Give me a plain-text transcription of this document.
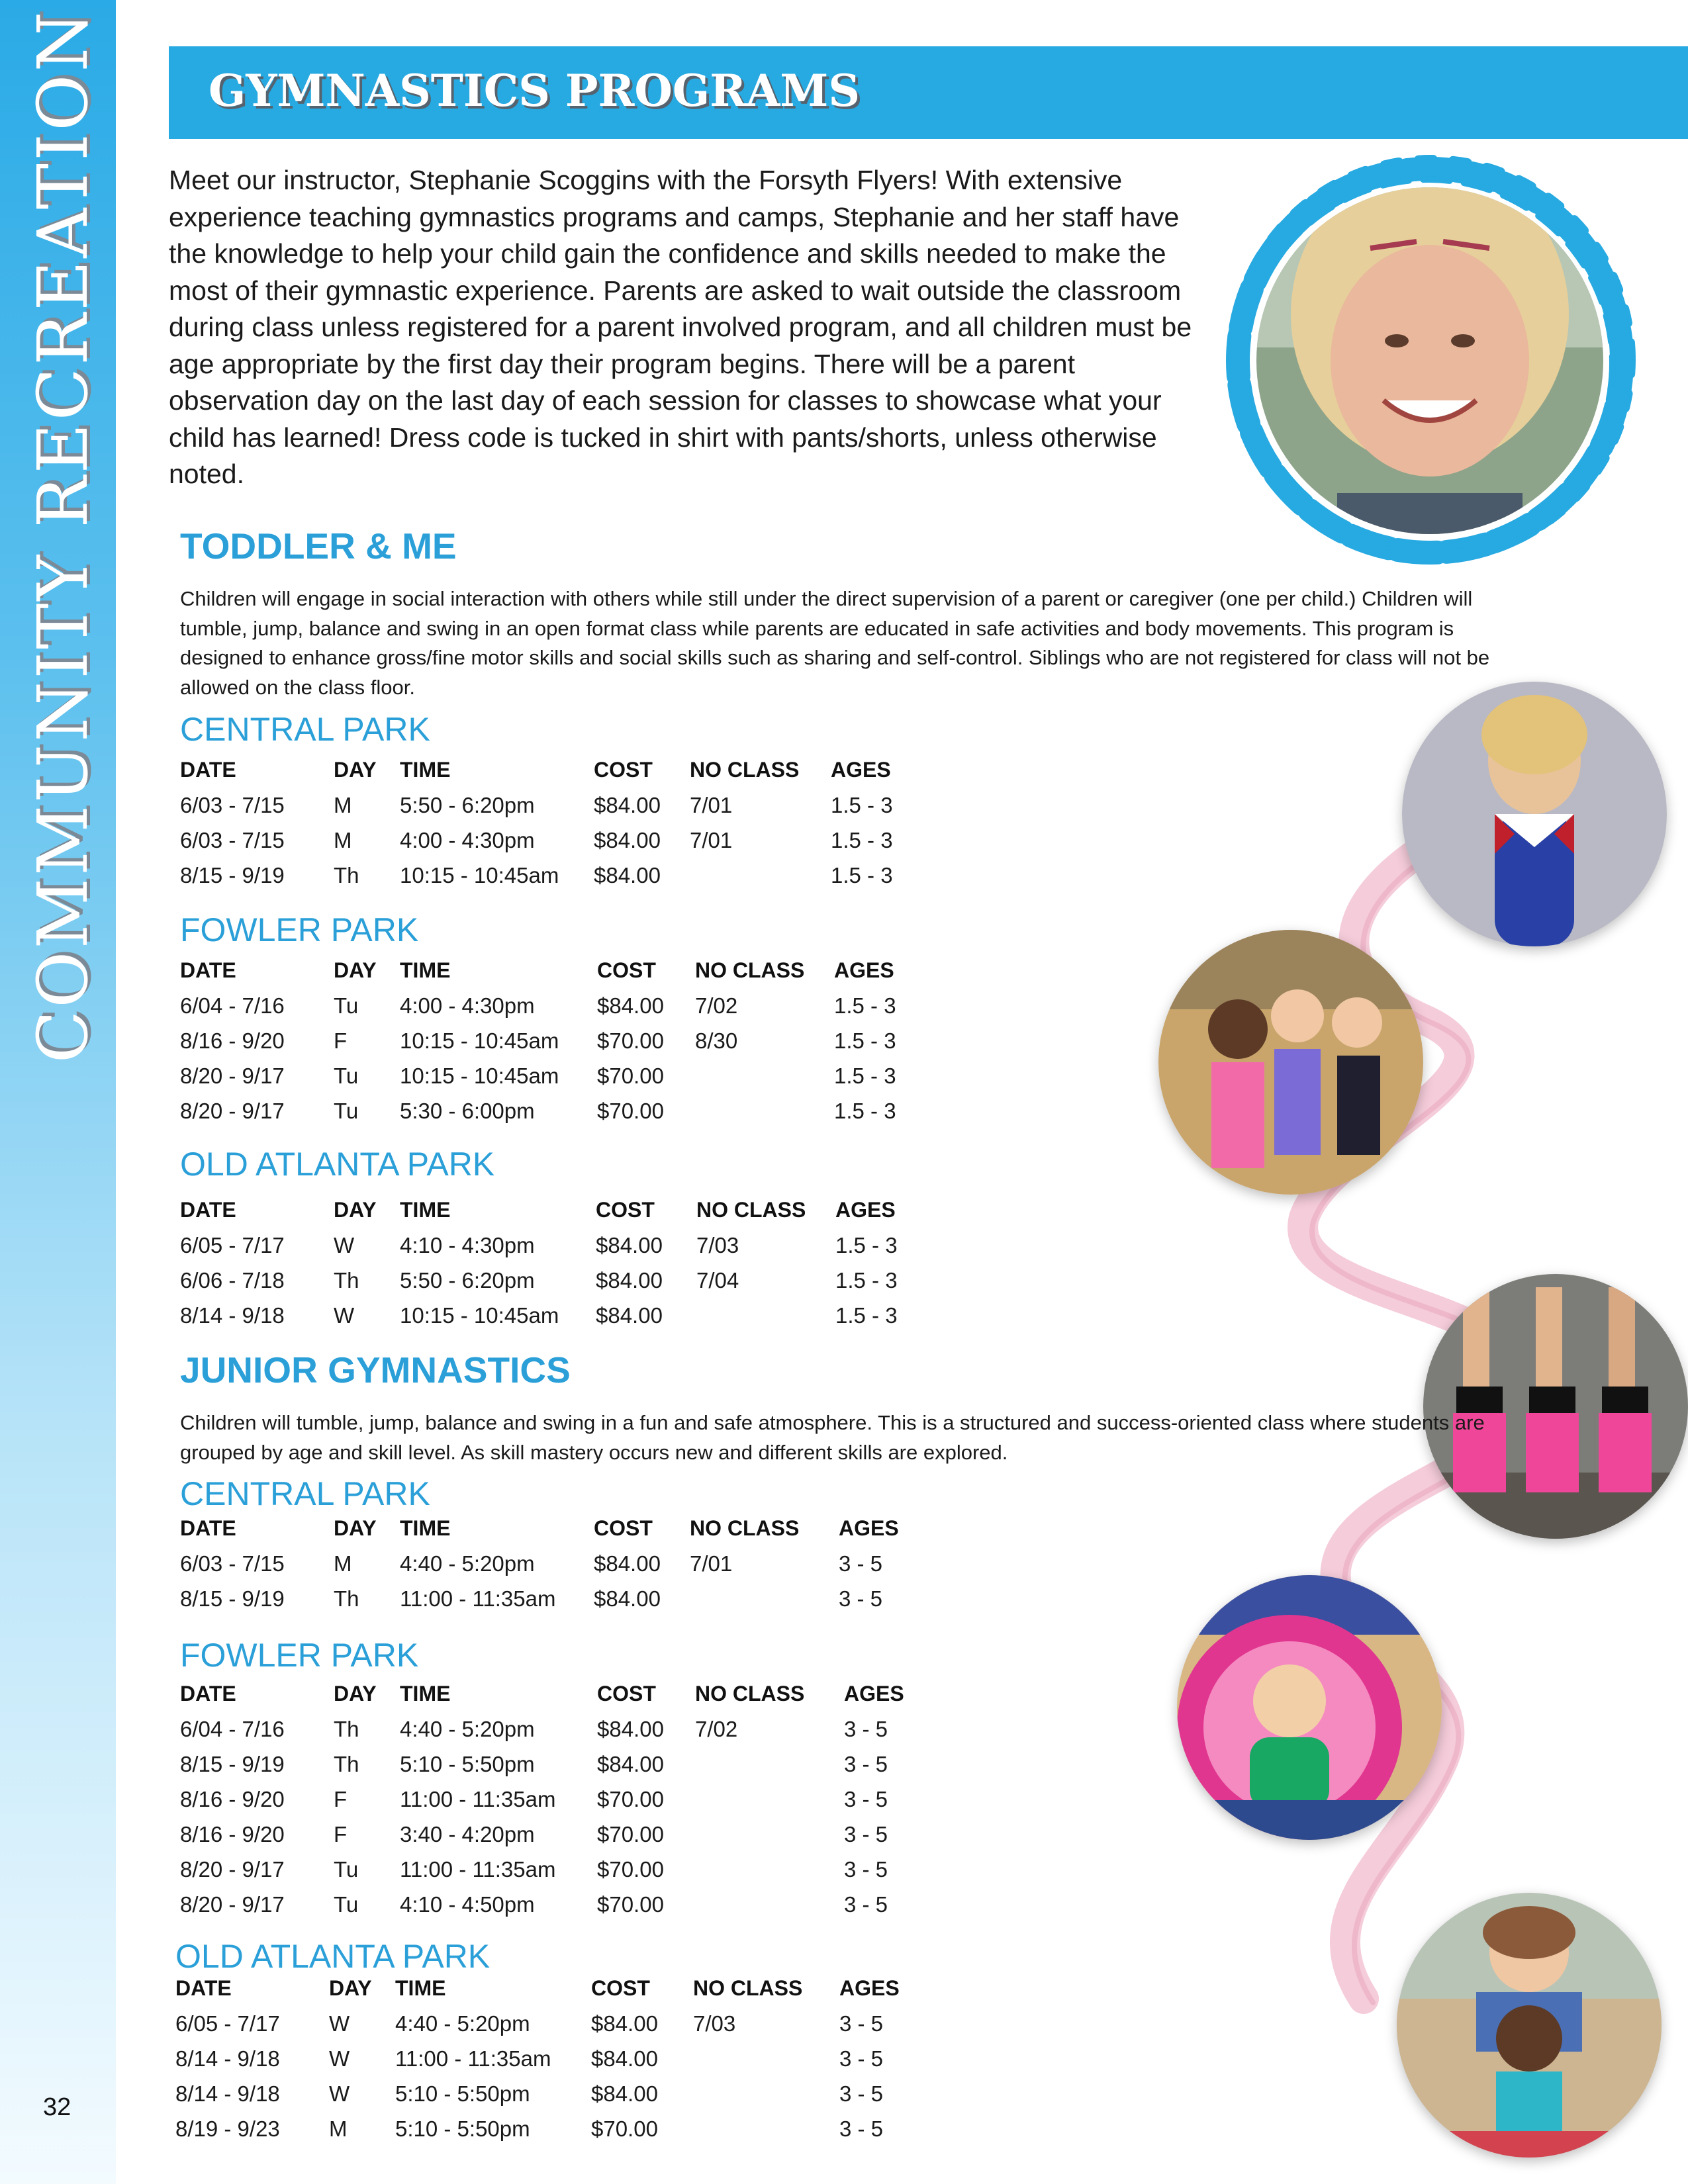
COMMUNITY RECREATION
32
GYMNASTICS PROGRAMS
Meet our instructor, Stephanie Scoggins with the Forsyth Flyers! With extensive experience teaching gymnastics programs and camps, Stephanie and her staff have the knowledge to help your child gain the confidence and skills needed to make the most of their gymnastic experience. Parents are asked to wait outside the classroom during class unless registered for a parent involved program, and all children must be age appropriate by the first day their program begins. There will be a parent observation day on the last day of each session for classes to showcase what your child has learned! Dress code is tucked in shirt with pants/shorts, unless otherwise noted.
TODDLER & ME
Children will engage in social interaction with others while still under the direct supervision of a parent or caregiver (one per child.) Children will tumble, jump, balance and swing in an open format class while parents are educated in safe activities and body movements. This program is designed to enhance gross/fine motor skills and social skills such as sharing and self-control. Siblings who are not registered for class will not be allowed on the class floor.
CENTRAL PARK
DATE	DAY TIME	COST NO CLASS AGES
6/03 - 7/15 M 5:50 - 6:20pm	$84.00 7/01	1.5 - 3
6/03 - 7/15 M 4:00 - 4:30pm	$84.00 7/01	1.5 - 3
8/15 - 9/19 Th 10:15 - 10:45am $84.00	1.5 - 3
FOWLER PARK
DATE	DAY TIME	COST NO CLASS AGES
6/04 - 7/16 Tu 4:00 - 4:30pm	$84.00 7/02	1.5 - 3
8/16 - 9/20 F 10:15 - 10:45am $70.00 8/30	1.5 - 3
8/20 - 9/17 Tu 10:15 - 10:45am $70.00	1.5 - 3
8/20 - 9/17 Tu 5:30 - 6:00pm	$70.00	1.5 - 3
OLD ATLANTA PARK
DATE	DAY TIME	COST NO CLASS AGES
6/05 - 7/17 W 4:10 - 4:30pm	$84.00 7/03	1.5 - 3
6/06 - 7/18 Th 5:50 - 6:20pm	$84.00 7/04	1.5 - 3
8/14 - 9/18 W 10:15 - 10:45am $84.00	1.5 - 3
JUNIOR GYMNASTICS
Children will tumble, jump, balance and swing in a fun and safe atmosphere. This is a structured and success-oriented class where students are grouped by age and skill level. As skill mastery occurs new and different skills are explored.
CENTRAL PARK
DATE	DAY TIME	COST NO CLASS AGES
6/03 - 7/15 M 4:40 - 5:20pm	$84.00 7/01	3 - 5
8/15 - 9/19 Th 11:00 - 11:35am $84.00	3 - 5
FOWLER PARK
DATE	DAY TIME	COST NO CLASS AGES
6/04 - 7/16 Th 4:40 - 5:20pm	$84.00 7/02	3 - 5
8/15 - 9/19 Th 5:10 - 5:50pm	$84.00	3 - 5
8/16 - 9/20 F 11:00 - 11:35am $70.00	3 - 5
8/16 - 9/20 F 3:40 - 4:20pm	$70.00	3 - 5
8/20 - 9/17 Tu 11:00 - 11:35am $70.00	3 - 5
8/20 - 9/17 Tu 4:10 - 4:50pm	$70.00	3 - 5
OLD ATLANTA PARK
DATE	DAY TIME	COST NO CLASS AGES
6/05 - 7/17 W 4:40 - 5:20pm	$84.00 7/03	3 - 5
8/14 - 9/18 W 11:00 - 11:35am $84.00	3 - 5
8/14 - 9/18 W 5:10 - 5:50pm	$84.00	3 - 5
8/19 - 9/23 M 5:10 - 5:50pm	$70.00	3 - 5
